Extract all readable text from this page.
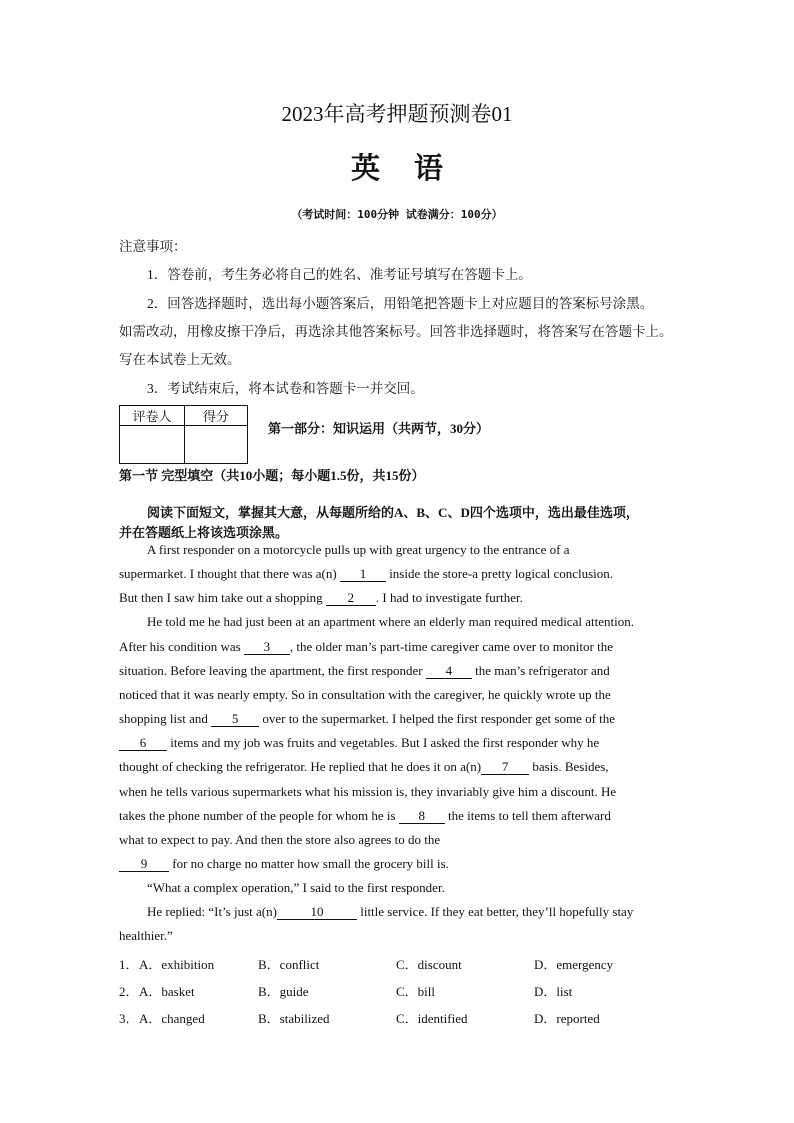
2023年高考押题预测卷01
英语
（考试时间：100分钟 试卷满分：100分）
注意事项：
1．答卷前，考生务必将自己的姓名、准考证号填写在答题卡上。
2．回答选择题时，选出每小题答案后，用铅笔把答题卡上对应题目的答案标号涂黑。
如需改动，用橡皮擦干净后，再选涂其他答案标号。回答非选择题时，将答案写在答题卡上。
写在本试卷上无效。
3．考试结束后，将本试卷和答题卡一并交回。
评卷人	得分

第一部分：知识运用（共两节，30分）
第一节 完型填空（共10小题；每小题1.5份，共15份）
阅读下面短文，掌握其大意，从每题所给的A、B、C、D四个选项中，选出最佳选项，
并在答题纸上将该选项涂黑。
A first responder on a motorcycle pulls up with great urgency to the entrance of a
supermarket. I thought that there was a(n) 1 inside the store-a pretty logical conclusion.
But then I saw him take out a shopping 2 . I had to investigate further.
He told me he had just been at an apartment where an elderly man required medical attention.
After his condition was 3 , the older man’s part-time caregiver came over to monitor the
situation. Before leaving the apartment, the first responder 4 the man’s refrigerator and
noticed that it was nearly empty. So in consultation with the caregiver, he quickly wrote up the
shopping list and 5 over to the supermarket. I helped the first responder get some of the
6 items and my job was fruits and vegetables. But I asked the first responder why he
thought of checking the refrigerator. He replied that he does it on a(n) 7 basis. Besides,
when he tells various supermarkets what his mission is, they invariably give him a discount. He
takes the phone number of the people for whom he is 8 the items to tell them afterward
what to expect to pay. And then the store also agrees to do the
9 for no charge no matter how small the grocery bill is.
“What a complex operation,” I said to the first responder.
He replied: “It’s just a(n)	10	little service. If they eat better, they’ll hopefully stay
healthier.”
1． A．exhibition	B．conflict	C．discount	D．emergency
2． A．basket	B．guide	C．bill	D．list
3． A．changed	B．stabilized	C．identified	D．reported
